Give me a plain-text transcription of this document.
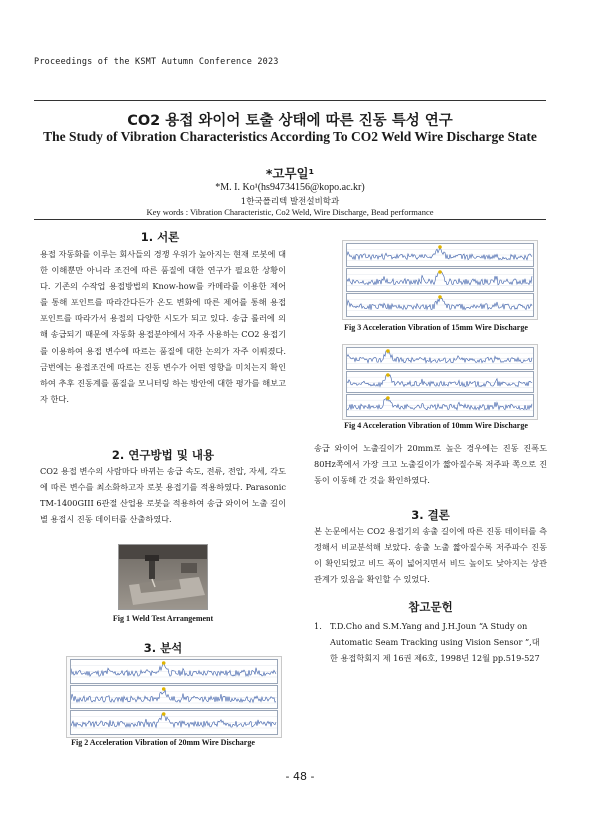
Proceedings of the KSMT Autumn Conference 2023
CO2 용접 와이어 토출 상태에 따른 진동 특성 연구
The Study of Vibration Characteristics According To CO2 Weld Wire Discharge State
*고무일¹
*M. I. Ko¹(hs94734156@kopo.ac.kr)
1한국폴리텍 발전설비학과
Key words : Vibration Characteristic, Co2 Weld, Wire Discharge, Bead performance
1. 서론
용접 자동화를 이루는 회사들의 경쟁 우위가 높아지는 현재 로봇에 대한 이해뿐만 아니라 조건에 따른 품질에 대한 연구가 필요한 상황이다. 기존의 수작업 용접방법의 Know-how를 카메라를 이용한 제어를 통해 포인트를 따라간다든가 온도 변화에 따른 제어를 통해 용접 포인트를 따라가서 용접의 다양한 시도가 되고 있다. 송급 롤러에 의해 송급되기 때문에 자동화 용접분야에서 자주 사용하는 CO2 용접기를 이용하여 용접 변수에 따르는 품질에 대한 논의가 자주 이뤄졌다. 금번에는 용접조건에 따르는 진동 변수가 어떤 영향을 미치는지 확인하여 추후 진동계를 품질을 모니터링 하는 방안에 대한 평가를 해보고자 한다.
2. 연구방법 및 내용
CO2 용접 변수의 사람마다 바뀌는 송급 속도, 전류, 전압, 자세, 각도에 따른 변수를 최소화하고자 로봇 용접기를 적용하였다. Parasonic TM-1400GIII 6관절 산업용 로봇을 적용하여 송급 와이어 노출 길이별 용접시 진동 데이터를 산출하였다.
Fig 1 Weld Test Arrangement
3. 분석
Fig 2 Acceleration Vibration of 20mm Wire Discharge
Fig 3 Acceleration Vibration of 15mm Wire Discharge
Fig 4 Acceleration Vibration of 10mm Wire Discharge
송급 와이어 노출길이가 20mm로 높은 경우에는 진동 진폭도 80Hz쪽에서 가장 크고 노출길이가 짧아질수록 저주파 쪽으로 진동이 이동해 간 것을 확인하였다.
3. 결론
본 논문에서는 CO2 용접기의 송출 길이에 따른 진동 데이터를 측정해서 비교분석해 보았다. 송출 노출 짧아질수록 저주파수 진동이 확인되었고 비드 폭이 넓어지면서 비드 높이도 낮아지는 상관관계가 있음을 확인할 수 있었다.
참고문헌
1. T.D.Cho and S.M.Yang and J.H.Joun “A Study on Automatic Seam Tracking using Vision Sensor ”,대한 용접학회지 제 16권 제6호, 1998년 12월 pp.519-527
- 48 -
